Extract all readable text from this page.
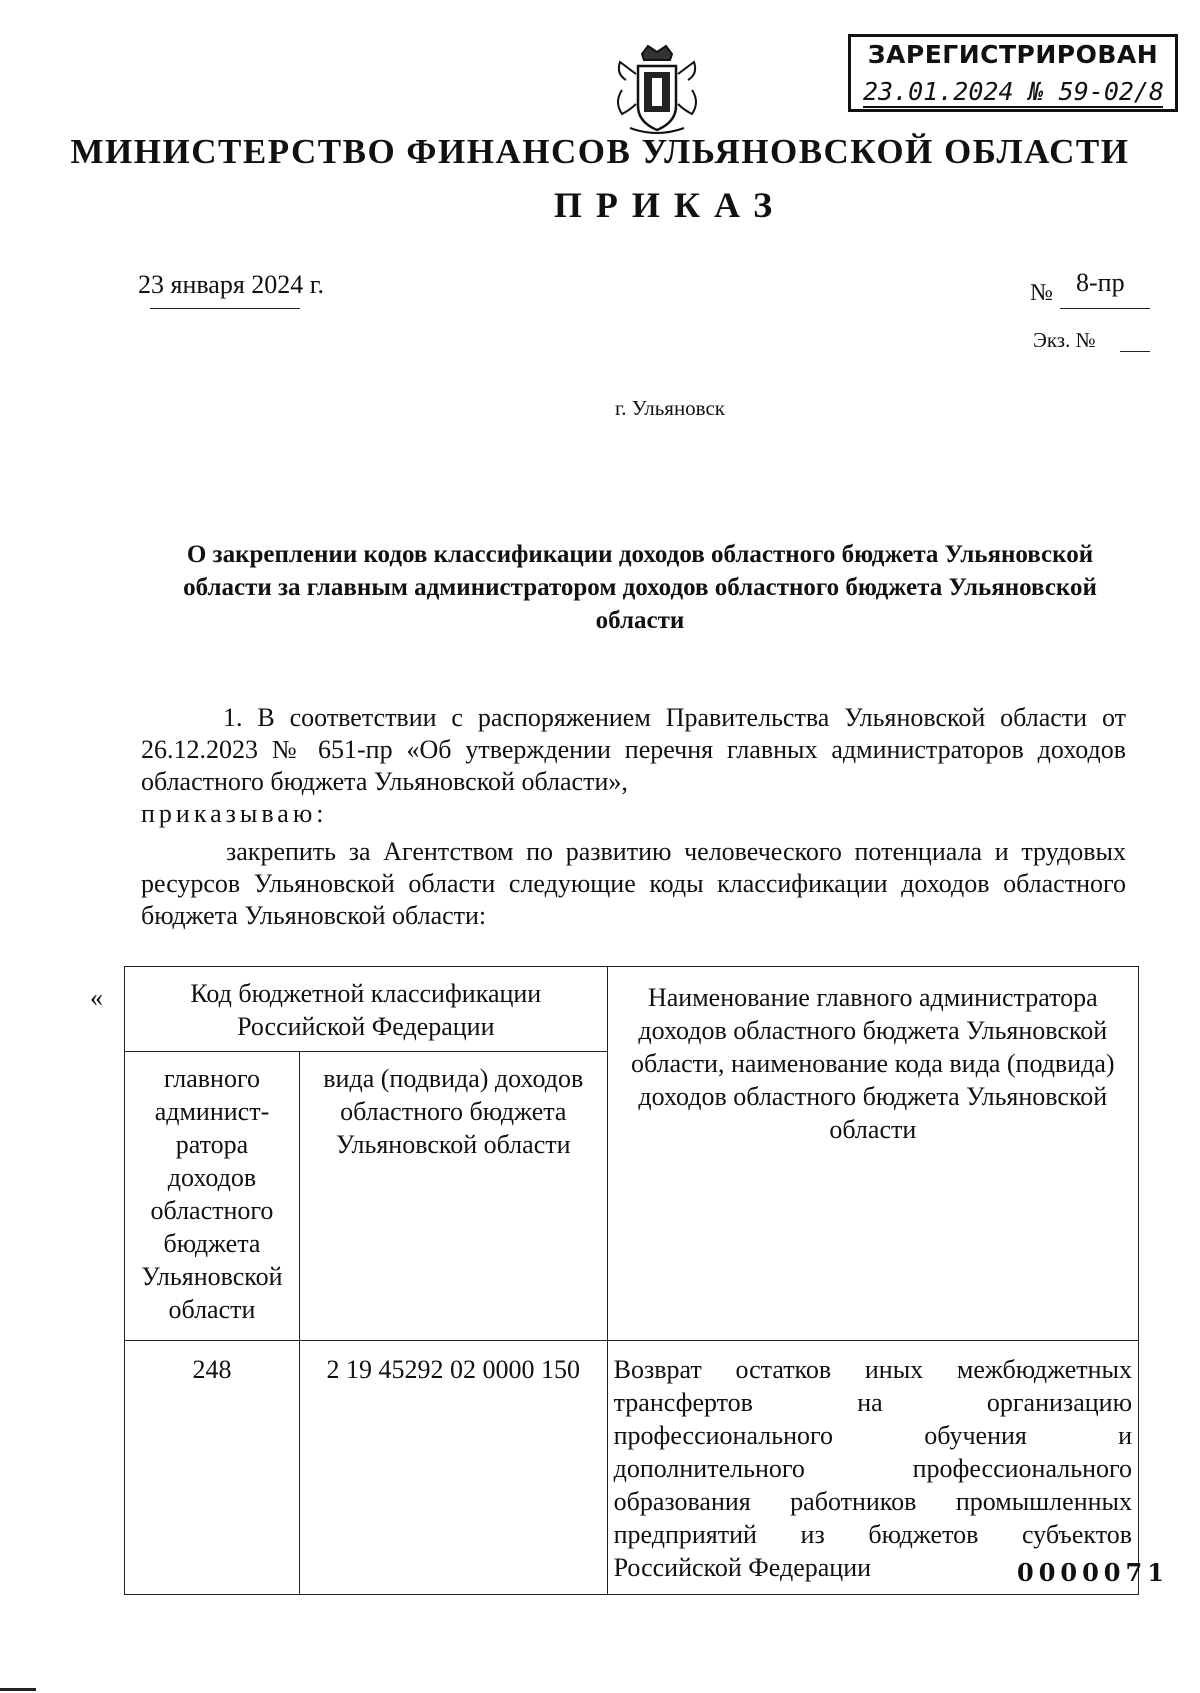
ЗАРЕГИСТРИРОВАН
23.01.2024 № 59-02/8
МИНИСТЕРСТВО ФИНАНСОВ УЛЬЯНОВСКОЙ ОБЛАСТИ
ПРИКАЗ
23 января 2024 г.	№ 8-пр
Экз. №
г. Ульяновск
О закреплении кодов классификации доходов областного бюджета Ульяновской области за главным администратором доходов областного бюджета Ульяновской области
1. В соответствии с распоряжением Правительства Ульяновской области от 26.12.2023 № 651-пр «Об утверждении перечня главных администраторов доходов областного бюджета Ульяновской области»,
приказываю:
закрепить за Агентством по развитию человеческого потенциала и трудовых ресурсов Ульяновской области следующие коды классификации доходов областного бюджета Ульяновской области:
«	Код бюджетной классификации Российской Федерации		Наименование главного администратора доходов областного бюджета Ульяновской области, наименование кода вида (подвида) доходов областного бюджета Ульяновской области
главного админист-ратора доходов областного бюджета Ульяновской области	вида (подвида) доходов областного бюджета Ульяновской области	
248	2 19 45292 02 0000 150	Возврат остатков иных межбюджетных трансфертов на организацию профессионального обучения и дополнительного профессионального образования работников промышленных предприятий из бюджетов субъектов Российской Федерации	0000071
